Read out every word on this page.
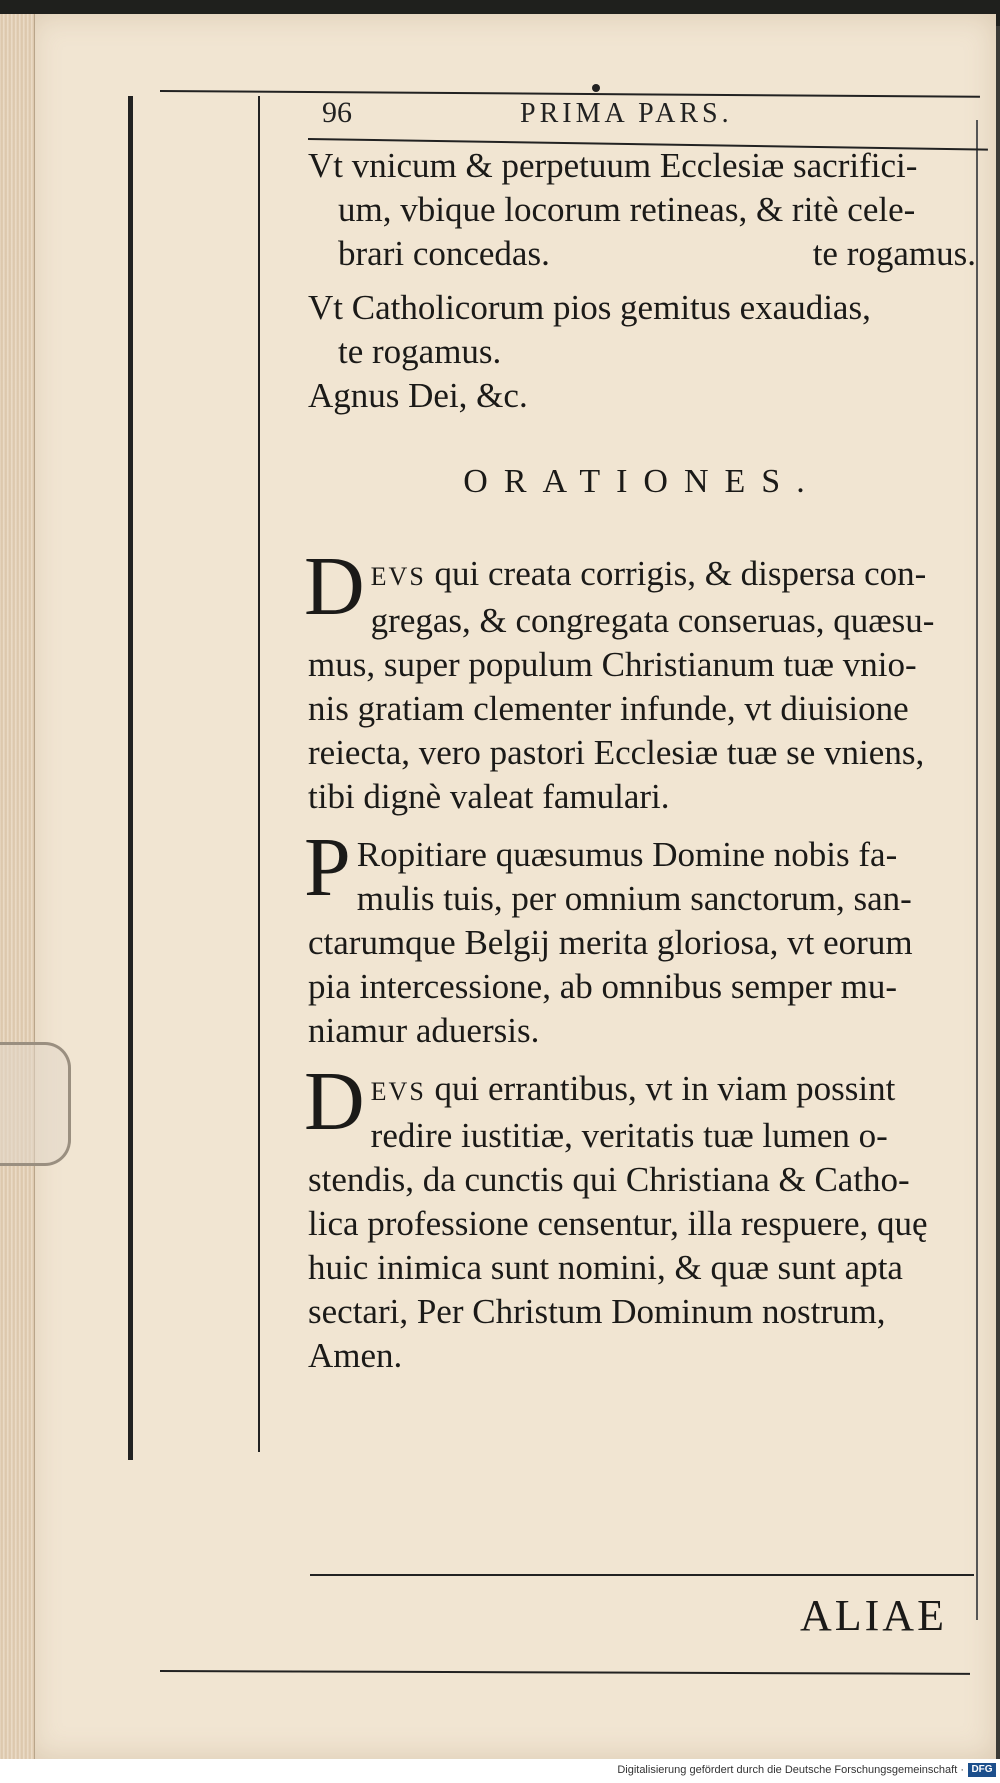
96	PRIMA PARS.
Vt vnicum & perpetuum Ecclesiæ sacrifici-
um, vbique locorum retineas, & ritè cele-
brari concedas.	te rogamus.
Vt Catholicorum pios gemitus exaudias,
te rogamus.
Agnus Dei, &c.
ORATIONES.
D EVS qui creata corrigis, & dispersa con-
gregas, & congregata conseruas, quæsu-
mus, super populum Christianum tuæ vnio-
nis gratiam clementer infunde, vt diuisione
reiecta, vero pastori Ecclesiæ tuæ se vniens,
tibi dignè valeat famulari.
P Ropitiare quæsumus Domine nobis fa-
mulis tuis, per omnium sanctorum, san-
ctarumque Belgij merita gloriosa, vt eorum
pia intercessione, ab omnibus semper mu-
niamur aduersis.
D EVS qui errantibus, vt in viam possint
redire iustitiæ, veritatis tuæ lumen o-
stendis, da cunctis qui Christiana & Catho-
lica professione censentur, illa respuere, quę
huic inimica sunt nomini, & quæ sunt apta
sectari, Per Christum Dominum nostrum,
Amen.
ALIAE
Digitalisierung gefördert durch die Deutsche Forschungsgemeinschaft · DFG
